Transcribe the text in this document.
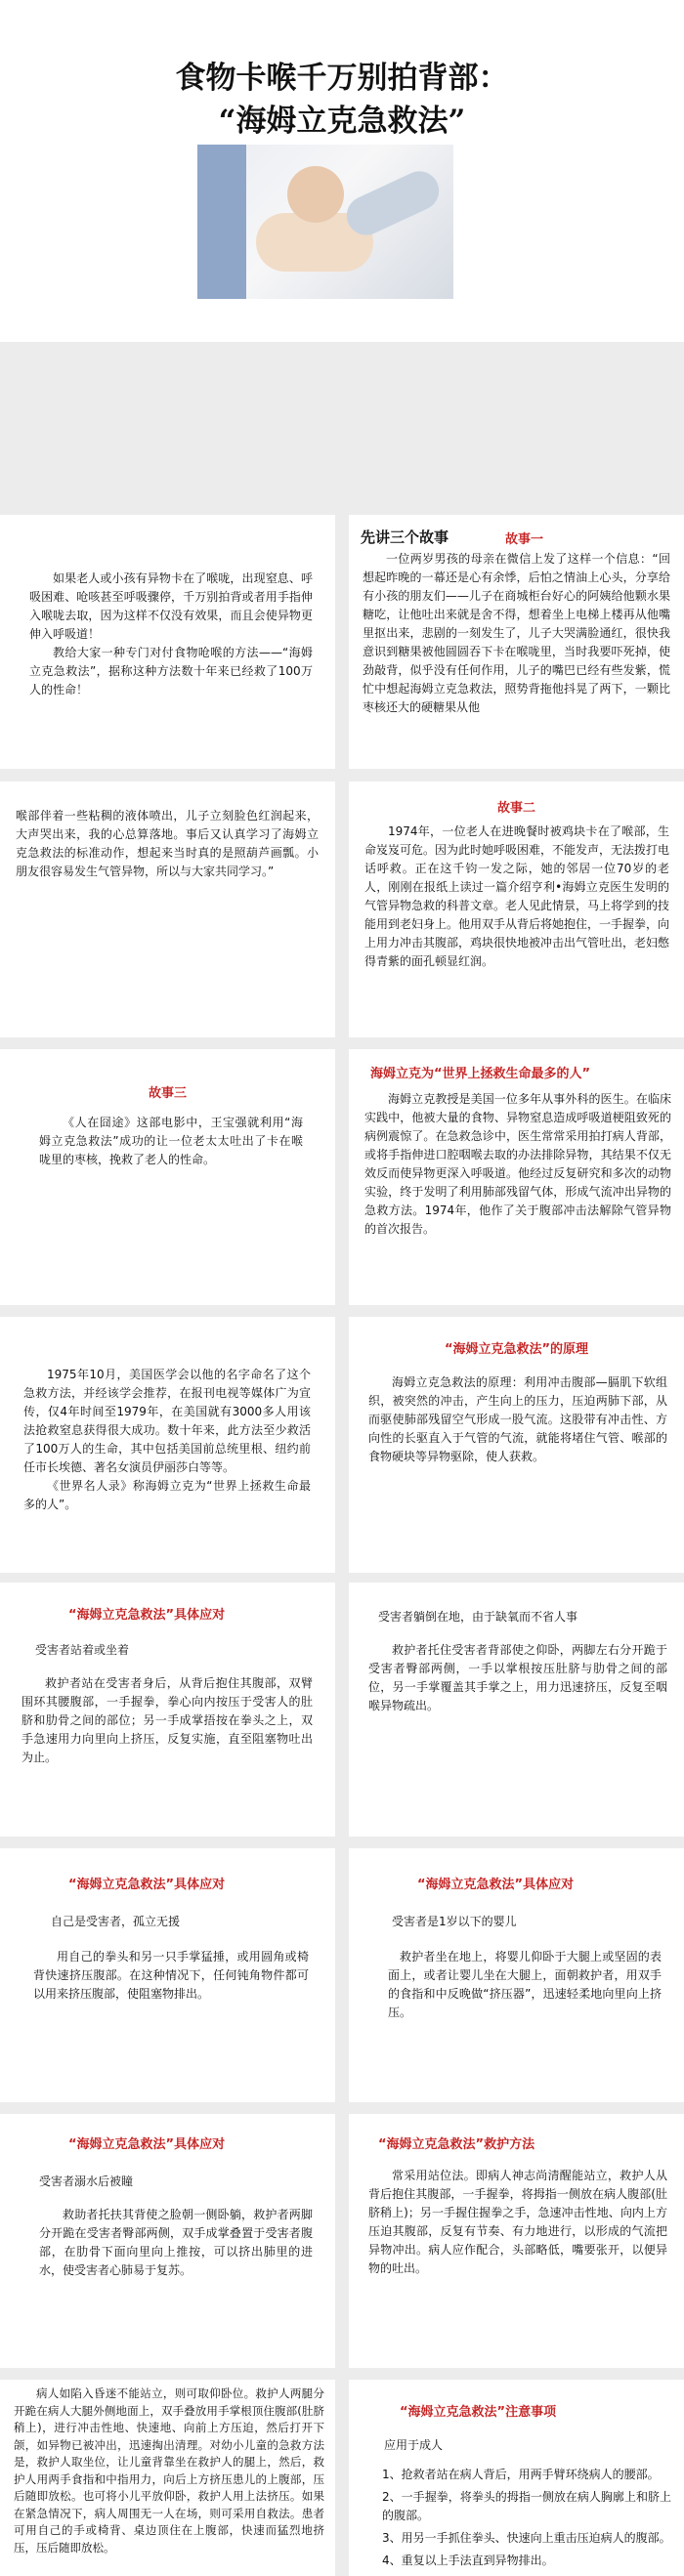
食物卡喉千万别拍背部：
“海姆立克急救法”

如果老人或小孩有异物卡在了喉咙，出现窒息、呼吸困难、呛咳甚至呼吸骤停，千万别拍背或者用手指伸入喉咙去取，因为这样不仅没有效果，而且会使异物更伸入呼吸道！

教给大家一种专门对付食物呛喉的方法——“海姆立克急救法”，据称这种方法数十年来已经救了100万人的性命！

先讲三个故事	故事一
一位两岁男孩的母亲在微信上发了这样一个信息：“回想起昨晚的一幕还是心有余悸，后怕之情油上心头，分享给有小孩的朋友们——儿子在商城柜台好心的阿姨给他颗水果糖吃，让他吐出来就是舍不得，想着坐上电梯上楼再从他嘴里抠出来，悲剧的一刻发生了，儿子大哭满脸通红，很快我意识到糖果被他圆圆吞下卡在喉咙里，当时我要吓死掉，使劲敲背，似乎没有任何作用，儿子的嘴巴已经有些发紫，慌忙中想起海姆立克急救法，照势背拖他抖晃了两下，一颗比枣核还大的硬糖果从他
喉部伴着一些粘稠的液体喷出，儿子立刻脸色红润起来，大声哭出来，我的心总算落地。事后又认真学习了海姆立克急救法的标准动作，想起来当时真的是照葫芦画瓢。小朋友很容易发生气管异物，所以与大家共同学习。”
故事二
1974年，一位老人在进晚餐时被鸡块卡在了喉部，生命岌岌可危。因为此时她呼吸困难，不能发声，无法拨打电话呼救。正在这千钧一发之际，她的邻居一位70岁的老人，刚刚在报纸上读过一篇介绍亨利•海姆立克医生发明的气管异物急救的科普文章。老人见此情景，马上将学到的技能用到老妇身上。他用双手从背后将她抱住，一手握拳，向上用力冲击其腹部，鸡块很快地被冲击出气管吐出，老妇憋得青紫的面孔顿显红润。
故事三
《人在囧途》这部电影中，王宝强就利用“海姆立克急救法”成功的让一位老太太吐出了卡在喉咙里的枣核，挽救了老人的性命。
海姆立克为“世界上拯救生命最多的人”
海姆立克教授是美国一位多年从事外科的医生。在临床实践中，他被大量的食物、异物窒息造成呼吸道梗阻致死的病例震惊了。在急救急诊中，医生常常采用拍打病人背部，或将手指伸进口腔咽喉去取的办法排除异物，其结果不仅无效反而使异物更深入呼吸道。他经过反复研究和多次的动物实验，终于发明了利用肺部残留气体，形成气流冲出异物的急救方法。1974年，他作了关于腹部冲击法解除气管异物的首次报告。

1975年10月，美国医学会以他的名字命名了这个急救方法，并经该学会推荐，在报刊电视等媒体广为宣传，仅4年时间至1979年，在美国就有3000多人用该法抢救窒息获得很大成功。数十年来，此方法至少救活了100万人的生命，其中包括美国前总统里根、纽约前任市长埃德、著名女演员伊丽莎白等等。

《世界名人录》称海姆立克为“世界上拯救生命最多的人”。

“海姆立克急救法”的原理
海姆立克急救法的原理：利用冲击腹部—膈肌下软组织，被突然的冲击，产生向上的压力，压迫两肺下部，从而驱使肺部残留空气形成一股气流。这股带有冲击性、方向性的长驱直入于气管的气流，就能将堵住气管、喉部的食物硬块等异物驱除，使人获救。
“海姆立克急救法”具体应对
受害者站着或坐着
救护者站在受害者身后，从背后抱住其腹部，双臂围环其腰腹部，一手握拳，拳心向内按压于受害人的肚脐和肋骨之间的部位；另一手成掌捂按在拳头之上，双手急速用力向里向上挤压，反复实施，直至阻塞物吐出为止。
受害者躺倒在地，由于缺氧而不省人事
救护者托住受害者背部使之仰卧，两脚左右分开跪于受害者臀部两侧，一手以掌根按压肚脐与肋骨之间的部位，另一手掌覆盖其手掌之上，用力迅速挤压，反复至咽喉异物疏出。
“海姆立克急救法”具体应对
自己是受害者，孤立无援
用自己的拳头和另一只手掌猛捶，或用圆角或椅背快速挤压腹部。在这种情况下，任何钝角物件都可以用来挤压腹部，使阻塞物排出。
“海姆立克急救法”具体应对
受害者是1岁以下的婴儿
救护者坐在地上，将婴儿仰卧于大腿上或坚固的表面上，或者让婴儿坐在大腿上，面朝救护者，用双手的食指和中反晚做“挤压器”，迅速轻柔地向里向上挤压。
“海姆立克急救法”具体应对
受害者溺水后被瞳
救助者托扶其背使之脸朝一侧卧躺，救护者两脚分开跪在受害者臀部两侧，双手成掌叠置于受害者腹部，在肋骨下面向里向上推按，可以挤出肺里的进水，使受害者心肺易于复苏。
“海姆立克急救法”救护方法
常采用站位法。即病人神志尚清醒能站立，救护人从背后抱住其腹部，一手握拳，将拇指一侧放在病人腹部(肚脐稍上)；另一手握住握拳之手，急速冲击性地、向内上方压迫其腹部，反复有节奏、有力地进行，以形成的气流把异物冲出。病人应作配合，头部略低，嘴要张开，以便异物的吐出。
病人如陷入昏迷不能站立，则可取仰卧位。救护人两腿分开跪在病人大腿外侧地面上，双手叠放用手掌根顶住腹部(肚脐稍上)，进行冲击性地、快速地、向前上方压迫，然后打开下颌，如异物已被冲出，迅速掏出清理。对幼小儿童的急救方法是，救护人取坐位，让儿童背靠坐在救护人的腿上，然后，救护人用两手食指和中指用力，向后上方挤压患儿的上腹部，压后随即放松。也可将小儿平放仰卧，救护人用上法挤压。如果在紧急情况下，病人周围无一人在场，则可采用自救法。患者可用自己的手或椅背、桌边顶住在上腹部，快速而猛烈地挤压，压后随即放松。
“海姆立克急救法”注意事项
应用于成人
1、抢救者站在病人背后，用两手臂环绕病人的腰部。
2、一手握拳，将拳头的拇指一侧放在病人胸廓上和脐上的腹部。
3、用另一手抓住拳头、快速向上重击压迫病人的腹部。
4、重复以上手法直到异物排出。
